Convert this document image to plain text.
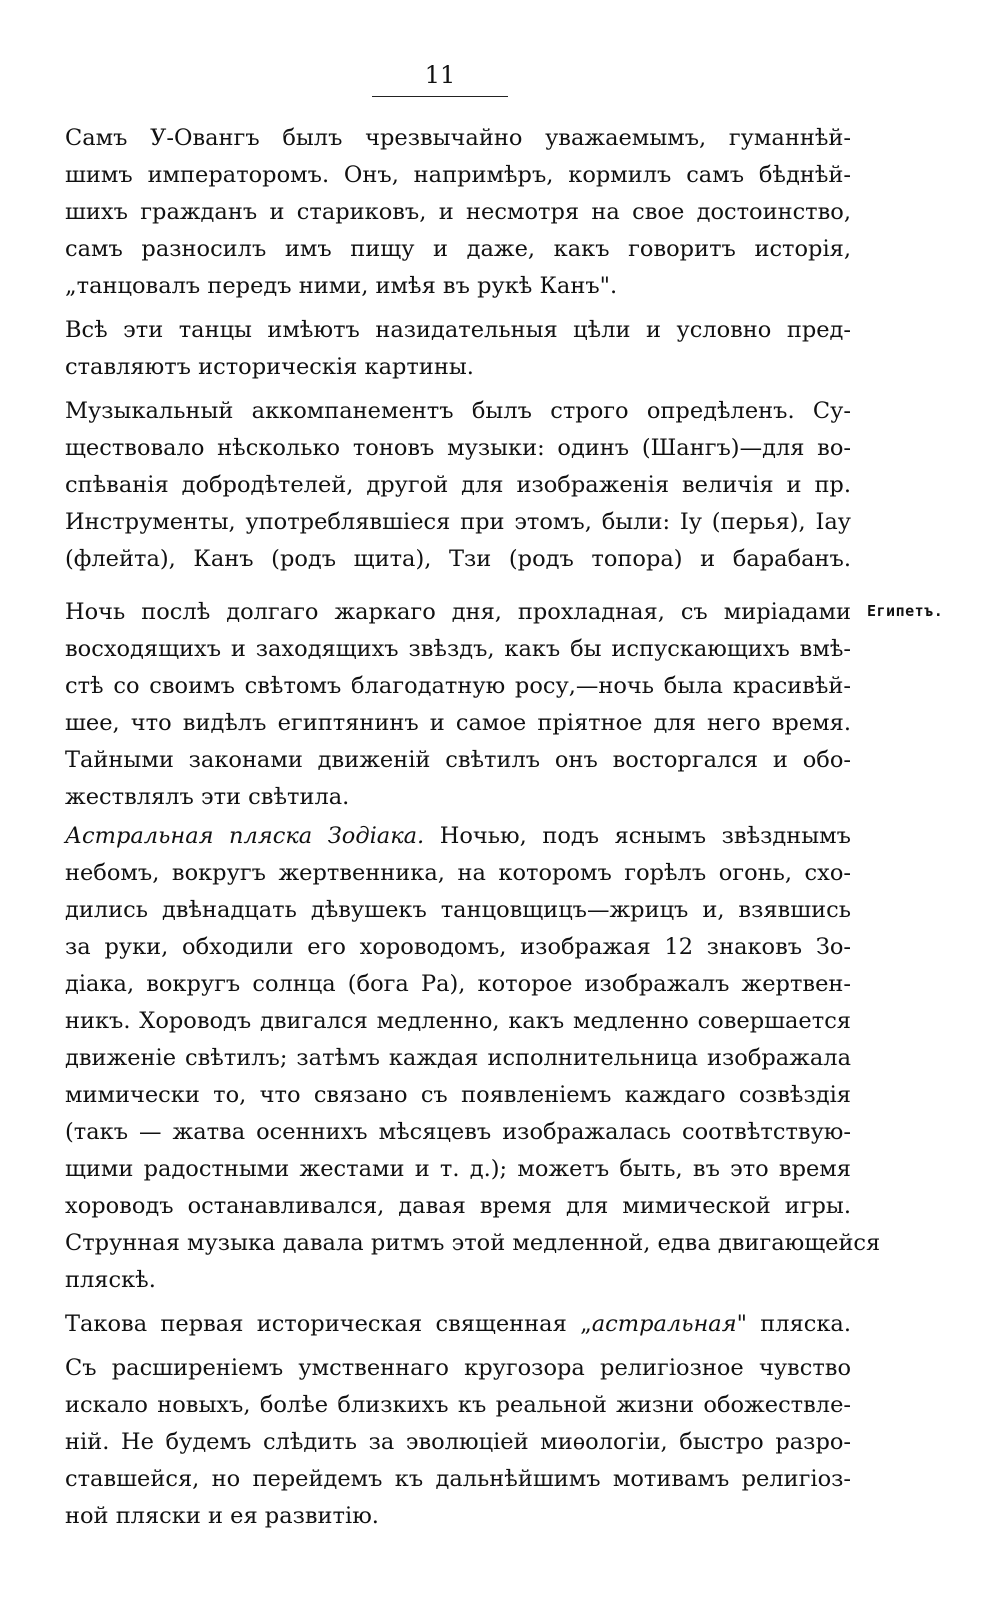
11
Египетъ.

Самъ У-Овангъ былъ чрезвычайно уважаемымъ, гуманнѣй-
шимъ императоромъ. Онъ, напримѣръ, кормилъ самъ бѣднѣй-
шихъ гражданъ и стариковъ, и несмотря на свое достоинство,
самъ разносилъ имъ пищу и даже, какъ говоритъ исторія,
„танцовалъ передъ ними, имѣя въ рукѣ Канъ".

Всѣ эти танцы имѣютъ назидательныя цѣли и условно пред-
ставляютъ историческія картины.

Музыкальный аккомпанементъ былъ строго опредѣленъ. Су-
ществовало нѣсколько тоновъ музыки: одинъ (Шангъ)—для во-
спѣванія добродѣтелей, другой для изображенія величія и пр.
Инструменты, употреблявшіеся при этомъ, были: Іу (перья), Іау
(флейта), Канъ (родъ щита), Тзи (родъ топора) и барабанъ.

Ночь послѣ долгаго жаркаго дня, прохладная, съ миріадами
восходящихъ и заходящихъ звѣздъ, какъ бы испускающихъ вмѣ-
стѣ со своимъ свѣтомъ благодатную росу,—ночь была красивѣй-
шее, что видѣлъ египтянинъ и самое пріятное для него время.
Тайными законами движеній свѣтилъ онъ восторгался и обо-
жествлялъ эти свѣтила.

Астральная пляска Зодіака. Ночью, подъ яснымъ звѣзднымъ
небомъ, вокругъ жертвенника, на которомъ горѣлъ огонь, схо-
дились двѣнадцать дѣвушекъ танцовщицъ—жрицъ и, взявшись
за руки, обходили его хороводомъ, изображая 12 знаковъ Зо-
діака, вокругъ солнца (бога Ра), которое изображалъ жертвен-
никъ. Хороводъ двигался медленно, какъ медленно совершается
движеніе свѣтилъ; затѣмъ каждая исполнительница изображала
мимически то, что связано съ появленіемъ каждаго созвѣздія
(такъ — жатва осеннихъ мѣсяцевъ изображалась соотвѣтствую-
щими радостными жестами и т. д.); можетъ быть, въ это время
хороводъ останавливался, давая время для мимической игры.
Струнная музыка давала ритмъ этой медленной, едва двигающейся
пляскѣ.

Такова первая историческая священная „астральная" пляска.

Съ расширеніемъ умственнаго кругозора религіозное чувство
искало новыхъ, болѣе близкихъ къ реальной жизни обожествле-
ній. Не будемъ слѣдить за эволюціей миѳологіи, быстро разро-
ставшейся, но перейдемъ къ дальнѣйшимъ мотивамъ религіоз-
ной пляски и ея развитію.
